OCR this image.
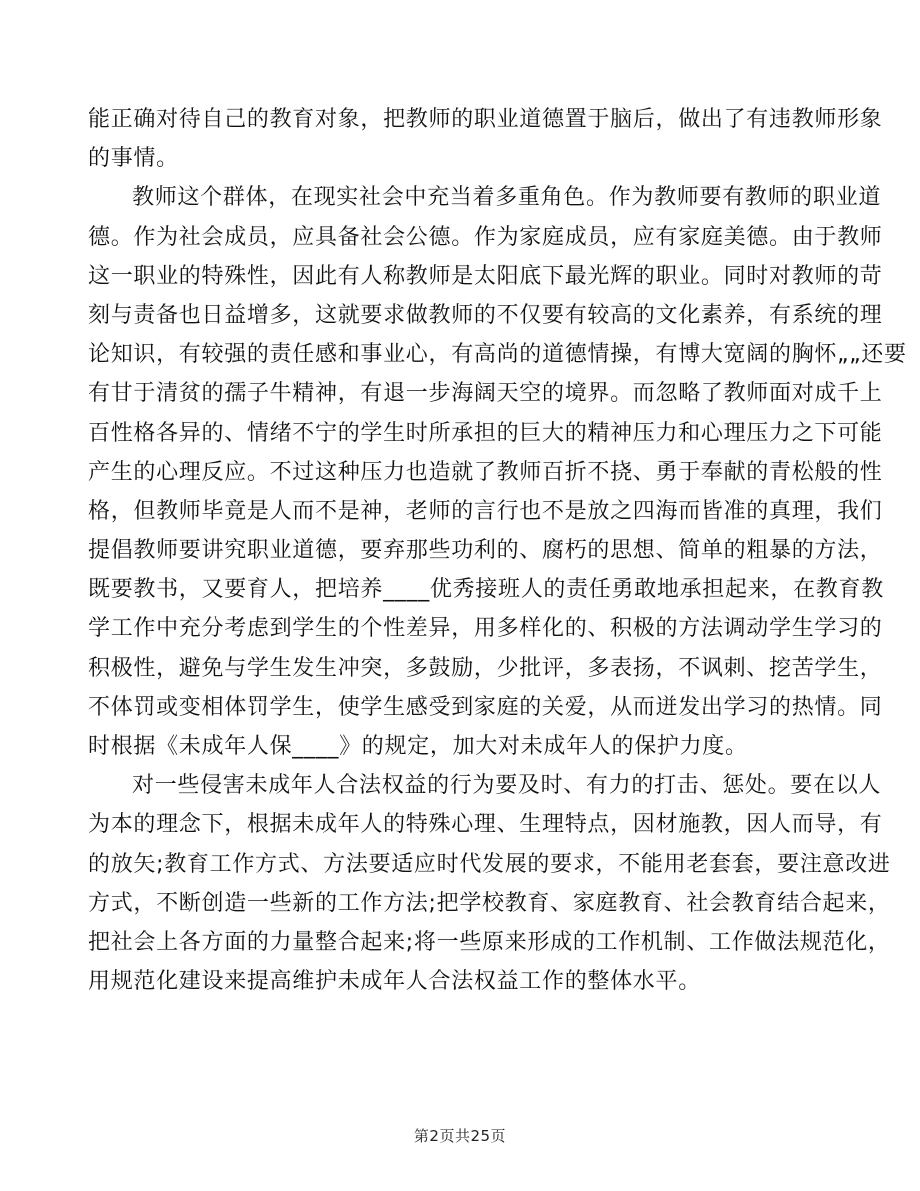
能正确对待自己的教育对象，把教师的职业道德置于脑后，做出了有违教师形象
的事情。
教师这个群体，在现实社会中充当着多重角色。作为教师要有教师的职业道
德。作为社会成员，应具备社会公德。作为家庭成员，应有家庭美德。由于教师
这一职业的特殊性，因此有人称教师是太阳底下最光辉的职业。同时对教师的苛
刻与责备也日益增多，这就要求做教师的不仅要有较高的文化素养，有系统的理
论知识，有较强的责任感和事业心，有高尚的道德情操，有博大宽阔的胸怀„„还要
有甘于清贫的孺子牛精神，有退一步海阔天空的境界。而忽略了教师面对成千上
百性格各异的、情绪不宁的学生时所承担的巨大的精神压力和心理压力之下可能
产生的心理反应。不过这种压力也造就了教师百折不挠、勇于奉献的青松般的性
格，但教师毕竟是人而不是神，老师的言行也不是放之四海而皆准的真理，我们
提倡教师要讲究职业道德，要弃那些功利的、腐朽的思想、简单的粗暴的方法，
既要教书，又要育人，把培养____优秀接班人的责任勇敢地承担起来，在教育教
学工作中充分考虑到学生的个性差异，用多样化的、积极的方法调动学生学习的
积极性，避免与学生发生冲突，多鼓励，少批评，多表扬，不讽刺、挖苦学生，
不体罚或变相体罚学生，使学生感受到家庭的关爱，从而迸发出学习的热情。同
时根据《未成年人保____》的规定，加大对未成年人的保护力度。
对一些侵害未成年人合法权益的行为要及时、有力的打击、惩处。要在以人
为本的理念下，根据未成年人的特殊心理、生理特点，因材施教，因人而导，有
的放矢;教育工作方式、方法要适应时代发展的要求，不能用老套套，要注意改进
方式，不断创造一些新的工作方法;把学校教育、家庭教育、社会教育结合起来，
把社会上各方面的力量整合起来;将一些原来形成的工作机制、工作做法规范化，
用规范化建设来提高维护未成年人合法权益工作的整体水平。
第2页共25页
